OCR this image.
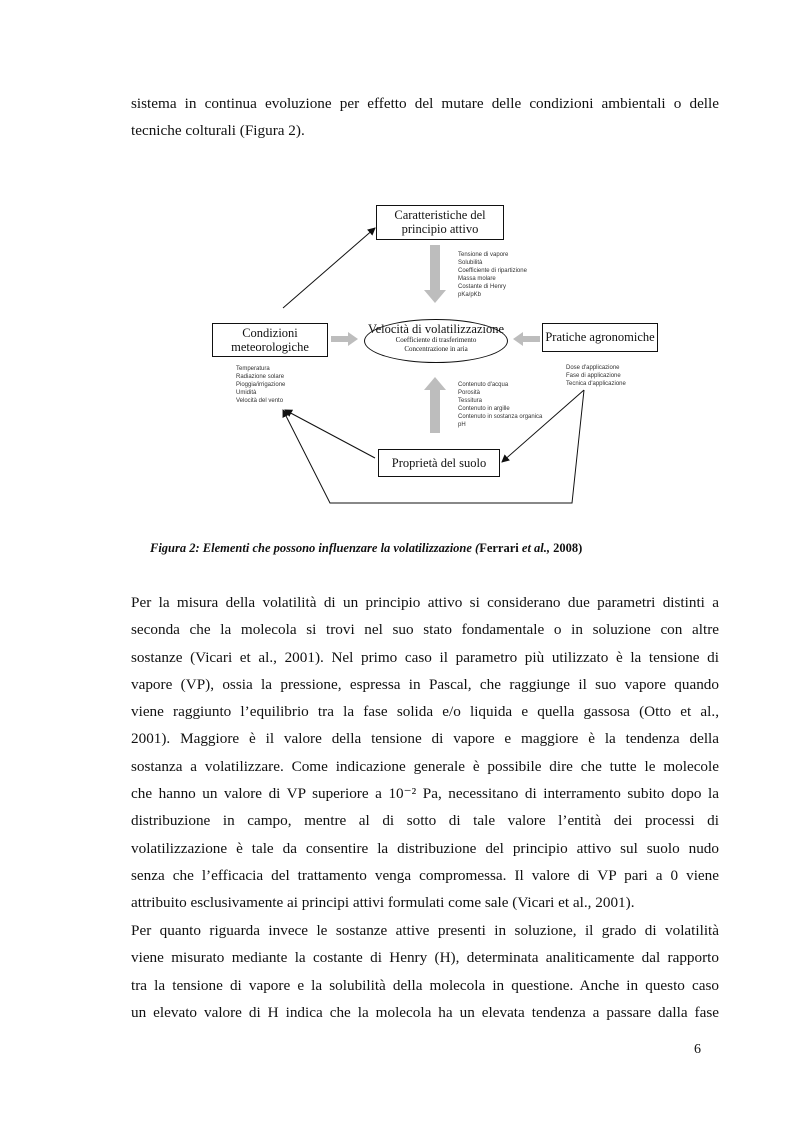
sistema in continua evoluzione per effetto del mutare delle condizioni ambientali o delle
tecniche colturali (Figura 2).

Caratteristiche del
principio attivo
Condizioni
meteorologiche
Velocità di volatilizzazione
Coefficiente di trasferimento
Concentrazione in aria
Pratiche agronomiche
Proprietà del suolo
Tensione di vapore
Solubilità
Coefficiente di ripartizione
Massa molare
Costante di Henry
pKa/pKb
Temperatura
Radiazione solare
Pioggia/irrigazione
Umidità
Velocità del vento
Dose d'applicazione
Fase di applicazione
Tecnica d'applicazione
Contenuto d'acqua
Porosità
Tessitura
Contenuto in argille
Contenuto in sostanza organica
pH

Figura 2: Elementi che possono influenzare la volatilizzazione (Ferrari et al., 2008)

Per la misura della volatilità di un principio attivo si considerano due parametri distinti a
seconda che la molecola si trovi nel suo stato fondamentale o in soluzione con altre
sostanze (Vicari et al., 2001). Nel primo caso il parametro più utilizzato è la tensione di
vapore (VP), ossia la pressione, espressa in Pascal, che raggiunge il suo vapore quando
viene raggiunto l’equilibrio tra la fase solida e/o liquida e quella gassosa (Otto et al.,
2001). Maggiore è il valore della tensione di vapore e maggiore è la tendenza della
sostanza a volatilizzare. Come indicazione generale è possibile dire che tutte le molecole
che hanno un valore di VP superiore a 10⁻² Pa, necessitano di interramento subito dopo la
distribuzione in campo, mentre al di sotto di tale valore l’entità dei processi di
volatilizzazione è tale da consentire la distribuzione del principio attivo sul suolo nudo
senza che l’efficacia del trattamento venga compromessa. Il valore di VP pari a 0 viene
attribuito esclusivamente ai principi attivi formulati come sale (Vicari et al., 2001).

Per quanto riguarda invece le sostanze attive presenti in soluzione, il grado di volatilità
viene misurato mediante la costante di Henry (H), determinata analiticamente dal rapporto
tra la tensione di vapore e la solubilità della molecola in questione. Anche in questo caso
un elevato valore di H indica che la molecola ha un elevata tendenza a passare dalla fase

6
